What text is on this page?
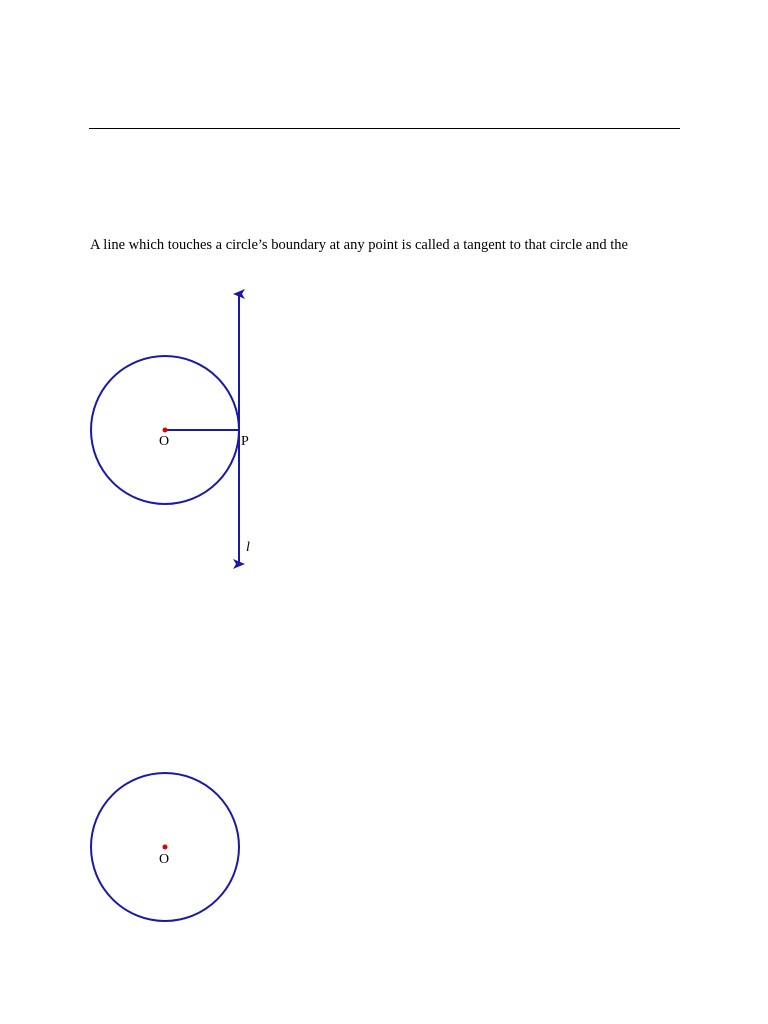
A line which touches a circle’s boundary at any point is called a tangent to that circle and the

O	P
l
O
